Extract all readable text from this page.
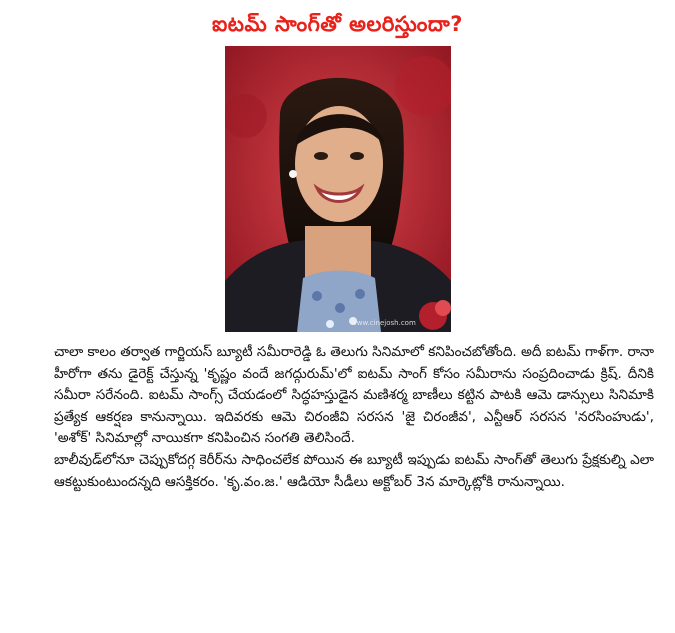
ఐటమ్ సాంగ్‌తో అలరిస్తుందా?
www.cinejosh.com

చాలా కాలం తర్వాత గార్జియస్ బ్యూటీ సమీరారెడ్డి ఓ తెలుగు సినిమాలో కనిపించబోతోంది. అదీ ఐటమ్ గాళ్‌గా. రానా హీరోగా తను డైరెక్ట్ చేస్తున్న 'కృష్ణం వందే జగద్గురుమ్'లో ఐటమ్ సాంగ్ కోసం సమీరాను సంప్రదించాడు క్రిష్. దీనికి సమీరా సరేనంది. ఐటమ్ సాంగ్స్ చేయడంలో సిద్ధహస్తుడైన మణిశర్మ బాణీలు కట్టిన పాటకి ఆమె డాన్సులు సినిమాకి ప్రత్యేక ఆకర్షణ కానున్నాయి. ఇదివరకు ఆమె చిరంజీవి సరసన 'జై చిరంజీవ', ఎన్టీఆర్ సరసన 'నరసింహుడు', 'అశోక్' సినిమాల్లో నాయికగా కనిపించిన సంగతి తెలిసిందే.

బాలీవుడ్‌లోనూ చెప్పుకోదగ్గ కెరీర్‌ను సాధించలేక పోయిన ఈ బ్యూటీ ఇప్పుడు ఐటమ్ సాంగ్‌తో తెలుగు ప్రేక్షకుల్ని ఎలా ఆకట్టుకుంటుందన్నది ఆసక్తికరం. 'కృ.వం.జ.' ఆడియో సీడీలు అక్టోబర్ 3న మార్కెట్లోకి రానున్నాయి.
